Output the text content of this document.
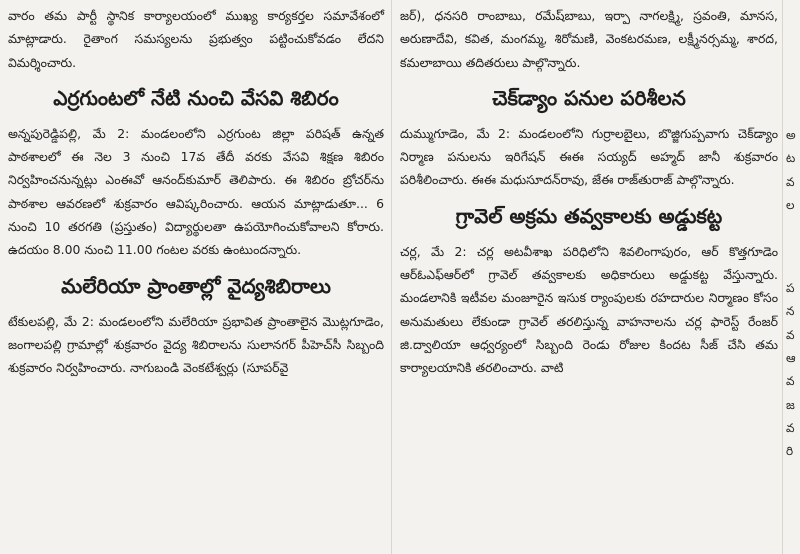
వారం తమ పార్టీ స్థానిక కార్యాలయంలో ముఖ్య కార్యకర్తల సమావేశంలో మాట్లాడారు. రైతాంగ సమస్యలను ప్రభుత్వం పట్టించుకోవడం లేదని విమర్శించారు.

ఎర్రగుంటలో నేటి నుంచి వేసవి శిబిరం

అన్నపురెడ్డిపల్లి, మే 2: మండలంలోని ఎర్రగుంట జిల్లా పరిషత్ ఉన్నత పాఠశాలలో ఈ నెల 3 నుంచి 17వ తేదీ వరకు వేసవి శిక్షణ శిబిరం నిర్వహించనున్నట్లు ఎంఈవో ఆనంద్‌కుమార్ తెలిపారు. ఈ శిబిరం బ్రోచర్‌ను పాఠశాల ఆవరణలో శుక్రవారం ఆవిష్కరించారు. ఆయన మాట్లాడుతూ... 6 నుంచి 10 తరగతి (ప్రస్తుతం) విద్యార్థులతా ఉపయోగించుకోవాలని కోరారు. ఉదయం 8.00 నుంచి 11.00 గంటల వరకు ఉంటుందన్నారు.

మలేరియా ప్రాంతాల్లో వైద్యశిబిరాలు

టేకులపల్లి, మే 2: మండలంలోని మలేరియా ప్రభావిత ప్రాంతాలైన మొట్లగూడెం, జంగాలపల్లి గ్రామాల్లో శుక్రవారం వైద్య శిబిరాలను సులానగర్ పీహెచ్‌సీ సిబ్బంది శుక్రవారం నిర్వహించారు. నాగుబండి వెంకటేశ్వర్లు (సూపర్‌వై

జర్), ధనసరి రాంబాబు, రమేష్‌బాబు, ఇర్పా నాగలక్ష్మి, స్రవంతి, మానస, అరుణాదేవి, కవిత, మంగమ్మ, శిరోమణి, వెంకటరమణ, లక్ష్మీనర్సమ్మ, శారద, కమలాబాయి తదితరులు పాల్గొన్నారు.

చెక్‌డ్యాం పనుల పరిశీలన

దుమ్ముగూడెం, మే 2: మండలంలోని గుర్రాలబైలు, బొజ్జిగుప్పవాగు చెక్‌డ్యాం నిర్మాణ పనులను ఇరిగేషన్ ఈఈ సయ్యద్ అహ్మద్ జానీ శుక్రవారం పరిశీలించారు. ఈఈ మధుసూదన్‌రావు, జేఈ రాజ్‌తురాజ్ పాల్గొన్నారు.

గ్రావెల్ అక్రమ తవ్వకాలకు అడ్డుకట్ట

చర్ల, మే 2: చర్ల అటవీశాఖ పరిధిలోని శివలింగాపురం, ఆర్ కొత్తగూడెం ఆర్‌ఓఎఫ్‌ఆర్‌లో గ్రావెల్ తవ్వకాలకు అధికారులు అడ్డుకట్ట వేస్తున్నారు. మండలానికి ఇటీవల మంజూరైన ఇసుక ర్యాంపులకు రహదారుల నిర్మాణం కోసం అనుమతులు లేకుండా గ్రావెల్ తరలిస్తున్న వాహనాలను చర్ల ఫారెస్ట్ రేంజర్ జి.ద్వాలియా ఆధ్వర్యంలో సిబ్బంది రెండు రోజుల కిందట సీజ్ చేసి తమ కార్యాలయానికి తరలించారు. వాటి

అ
ట
వ
ల
ప
న
వ
ఆ
వ
జ
వ
రి
